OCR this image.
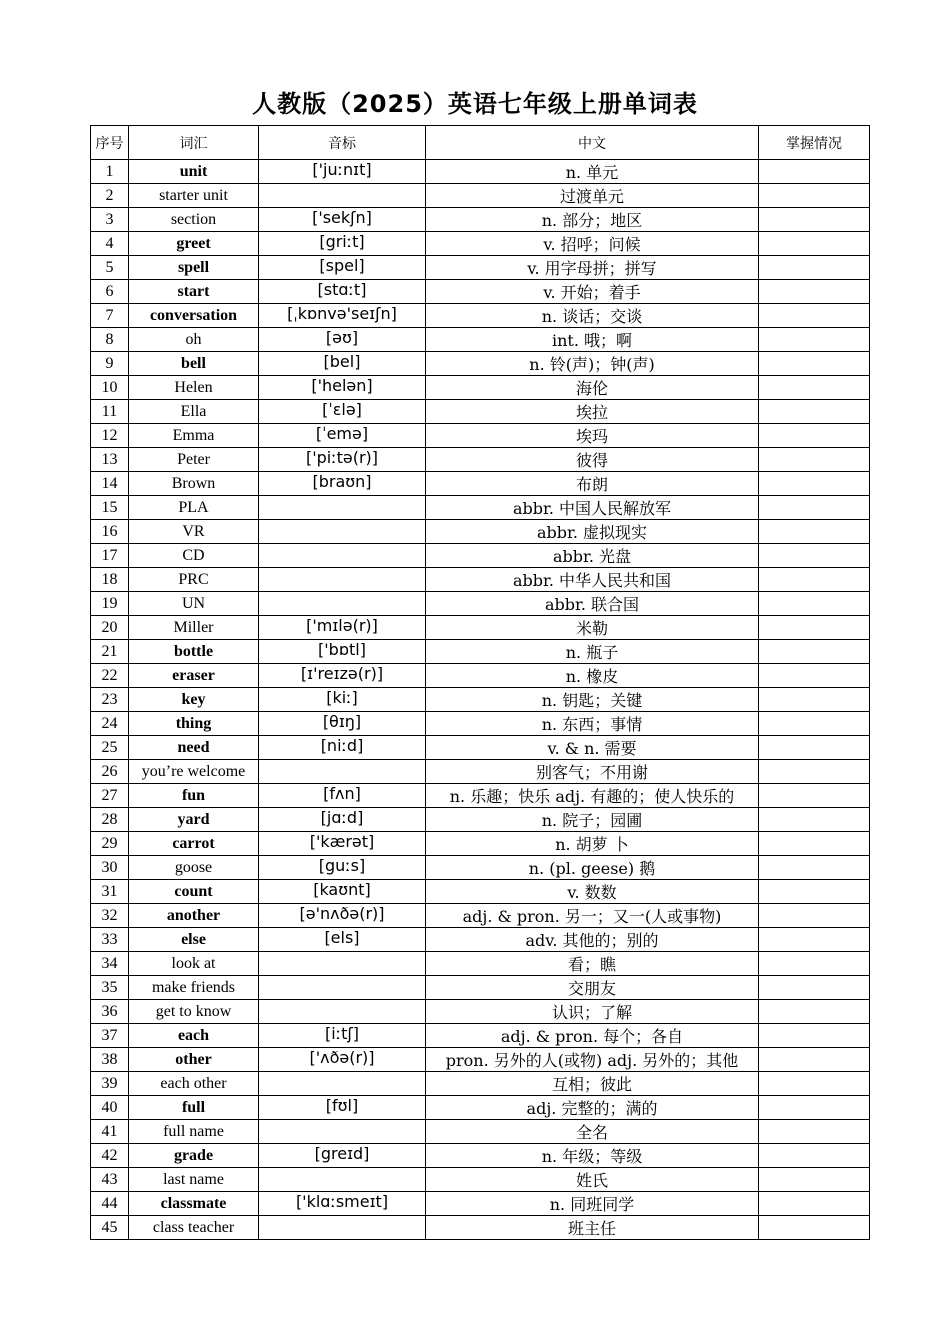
人教版（2025）英语七年级上册单词表
序号	词汇	音标	中文	掌握情况
1	unit	['juːnɪt]	n. 单元	
2	starter unit		过渡单元	
3	section	['sekʃn]	n. 部分；地区	
4	greet	[griːt]	v. 招呼；问候	
5	spell	[spel]	v. 用字母拼；拼写	
6	start	[stɑːt]	v. 开始；着手	
7	conversation	[ˌkɒnvə'seɪʃn]	n. 谈话；交谈	
8	oh	[əʊ]	int. 哦；啊	
9	bell	[bel]	n. 铃(声)；钟(声)	
10	Helen	['helən]	海伦	
11	Ella	[ˈɛlə]	埃拉	
12	Emma	[ˈemə]	埃玛	
13	Peter	['piːtə(r)]	彼得	
14	Brown	[braʊn]	布朗	
15	PLA		abbr. 中国人民解放军	
16	VR		abbr. 虚拟现实	
17	CD		abbr. 光盘	
18	PRC		abbr. 中华人民共和国	
19	UN		abbr. 联合国	
20	Miller	['mɪlə(r)]	米勒	
21	bottle	['bɒtl]	n. 瓶子	
22	eraser	[ɪ'reɪzə(r)]	n. 橡皮	
23	key	[kiː]	n. 钥匙；关键	
24	thing	[θɪŋ]	n. 东西；事情	
25	need	[niːd]	v. & n. 需要	
26	you’re welcome		别客气；不用谢	
27	fun	[fʌn]	n. 乐趣；快乐 adj. 有趣的；使人快乐的	
28	yard	[jɑːd]	n. 院子；园圃	
29	carrot	['kærət]	n. 胡萝 卜	
30	goose	[guːs]	n. (pl. geese) 鹅	
31	count	[kaʊnt]	v. 数数	
32	another	[ə'nʌðə(r)]	adj. & pron. 另一；又一(人或事物)	
33	else	[els]	adv. 其他的；别的	
34	look at		看；瞧	
35	make friends		交朋友	
36	get to know		认识；了解	
37	each	[iːtʃ]	adj. & pron. 每个；各自	
38	other	['ʌðə(r)]	pron. 另外的人(或物) adj. 另外的；其他	
39	each other		互相；彼此	
40	full	[fʊl]	adj. 完整的；满的	
41	full name		全名	
42	grade	[greɪd]	n. 年级；等级	
43	last name		姓氏	
44	classmate	['klɑːsmeɪt]	n. 同班同学	
45	class teacher		班主任	
